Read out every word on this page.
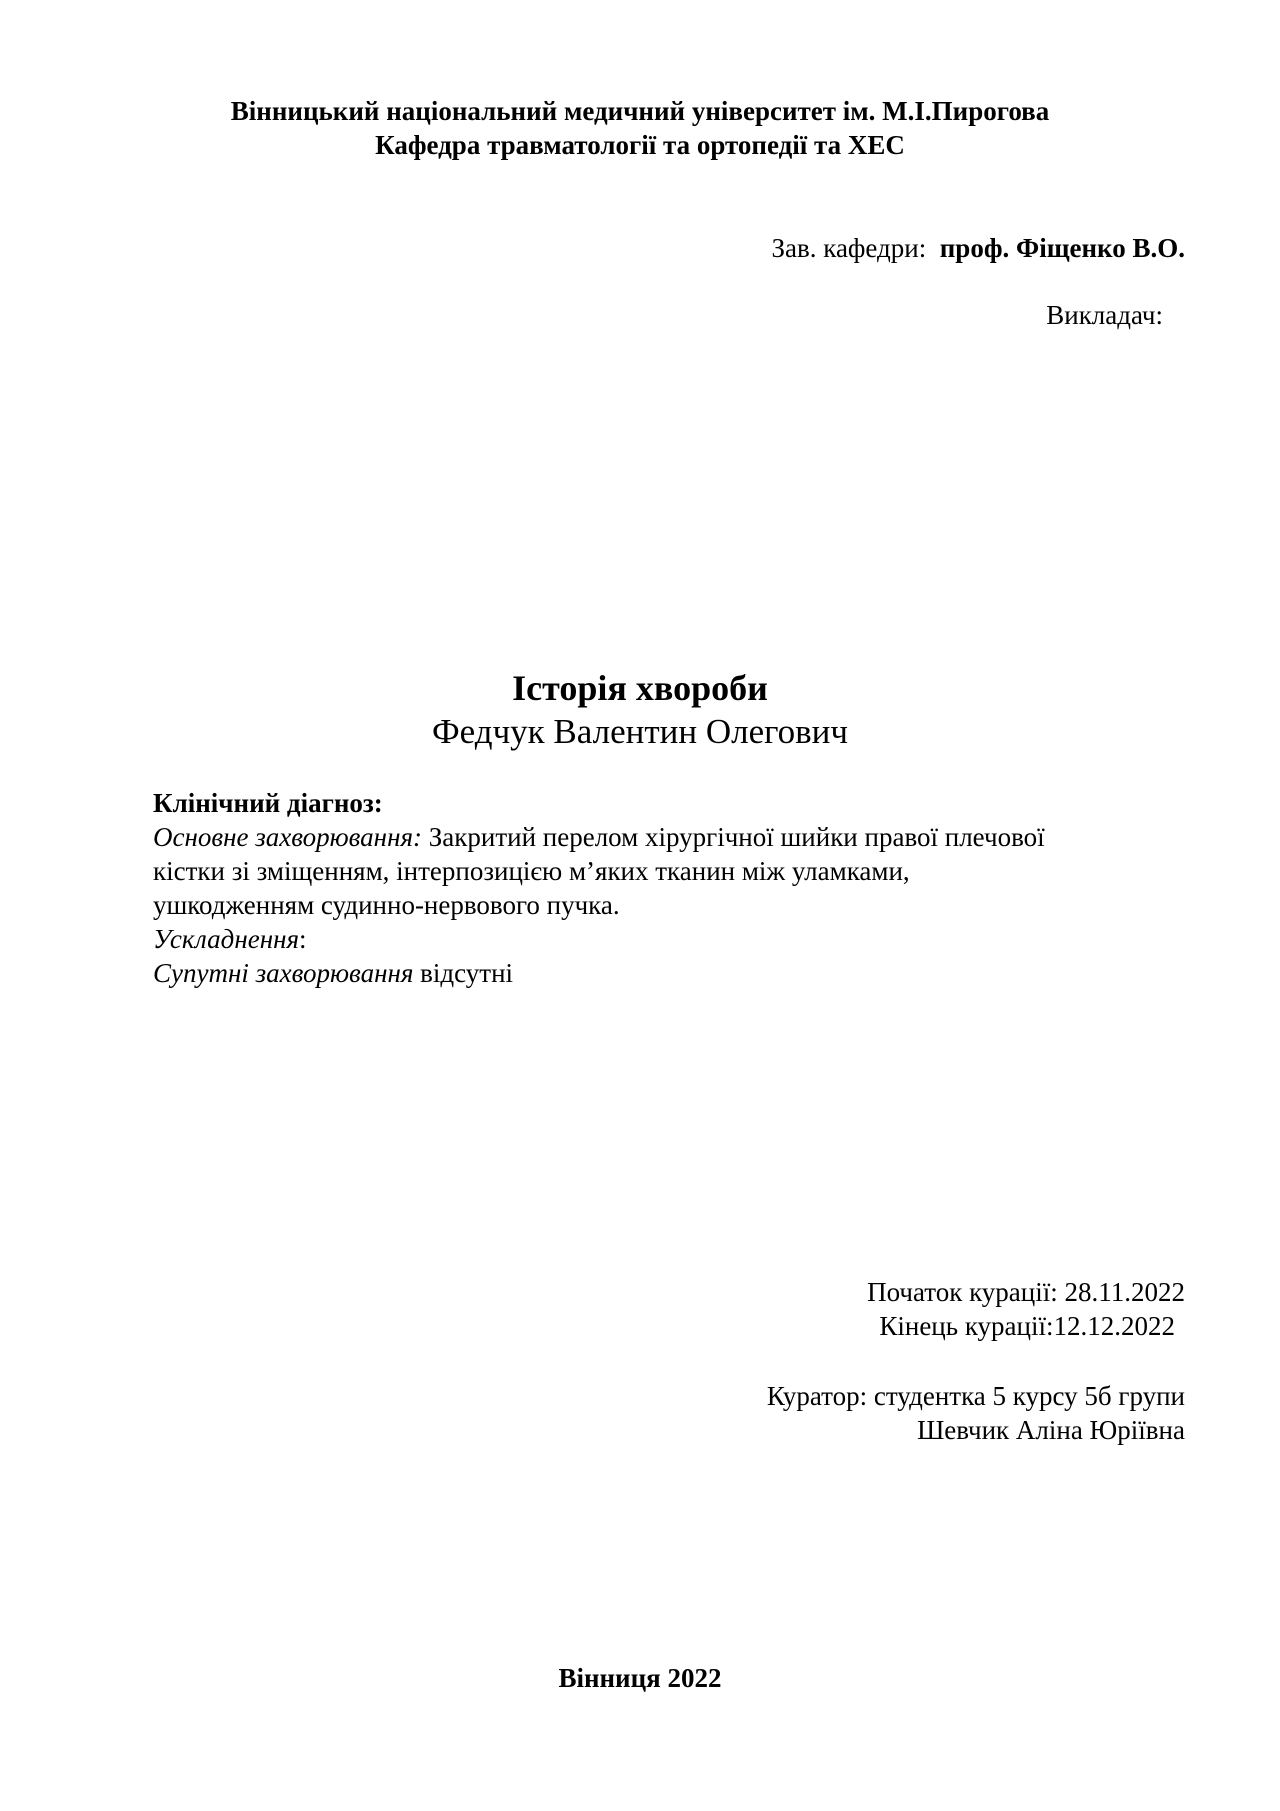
Вінницький національний медичний університет ім. М.І.Пирогова
Кафедра травматології та ортопедії та ХЕС
Зав. кафедри: проф. Фіщенко В.О.
Викладач:
Історія хвороби
Федчук Валентин Олегович
Клінічний діагноз:
Основне захворювання: Закритий перелом хірургічної шийки правої плечової
кістки зі зміщенням, інтерпозицією м’яких тканин між уламками,
ушкодженням судинно-нервового пучка.
Ускладнення:
Супутні захворювання відсутні
Початок курації: 28.11.2022
Кінець курації:12.12.2022
Куратор: студентка 5 курсу 5б групи
Шевчик Аліна Юріївна
Вінниця 2022
